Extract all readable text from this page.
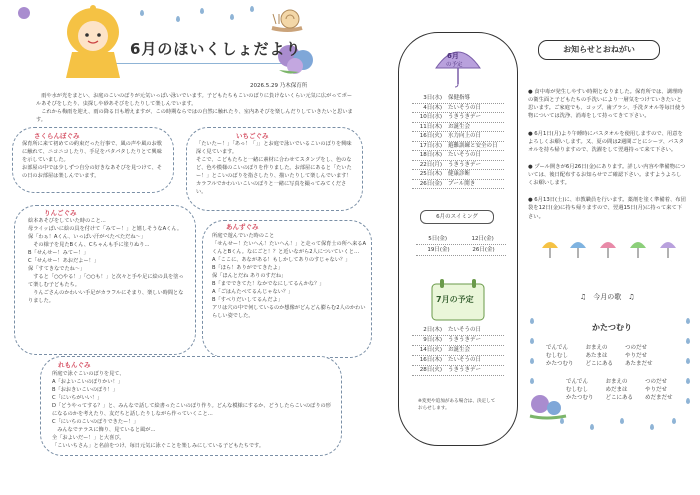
6月のほいくしょだより
2026.5.29 乃木保育所
　雨や水が光をまとい、お庭のこいのぼりが元気いっぱい泳いでいます。子どもたちもこいのぼりに負けないくらい元気に広がってボールあそびをしたり、虫探しや砂あそびをしたりして楽しんでいます。
　これから梅雨を迎え、雨の降る日も増えますが、この時期ならではの自然に触れたり、室内あそびを楽しんだりしていきたいと思います。
さくらんぼぐみ
保育所に来て初めての約束だった行事で、風の声や風のお歌に触れて、ニコニコしたり、手足をパタパタしたりとて興味を示していました。
お部屋の中では少しずつ自分の好きなあそびを見つけて、その日のお部屋は楽しんでいます。
いちごぐみ
「たいたー！」「あっ！「」」とお庭で泳いでいるこいのぼりを興味深く見ています。
そこで、こどもたちと一緒に素材に合わせてスタンプをし、色のなど、色や模様のこいのぼりを作りました。お部屋にあると「たいたー！」とこいのぼりを指さしたり、描いたりして楽しんでいます！
カラフルでかわいいこいのぼりと一緒に写真を撮ってみてください。
りんごぐみ
絵本あそびをしていた時のこと…
母ライッぱいに絵の具を付けて「みてー！」と嬉しそうなAくん。
保「わぁ！Aくん、いっぱい汗がべたべただね～」
　その様子を見たBくん、Cちゃんも手に塗りぬり…
B「せんせー！みてー！」
C「せんせー！あおだよー！」
保「すてきなでたね～」
　すると「○○やる！」「○○も！」と次々と手や足に絵の具を塗って楽しむ子どもたち。
　りんごさんのかわいい手足がカラフルにそまり、楽しい時間となりました。
あんずぐみ
所庭で遊んでいた時のこと
「せんせー！たいへん！たいへん！」と走って保育士の所へ来るAくんとBくん。なにごと！？と近いながら2人についていくと…
A「ここに、あながある！もしかしてありのすじゃない？」
B「ほら！ありがでてきたよ」
保「ほんとだね ありのすだね」
B「までできてた！なかでなにしてるんかな？」
A「ごはんたべてるんじゃない？」
B「すべりだいしてるんだよ」
アリは穴の中で何しているのか想像がどんどん膨らむ2人のかわいらしい姿でした。
れもんぐみ
所庭で泳ぐこいのぼりを見て、
A「およいこいのぼりかい！」
B「おおきいこいのぼり！」
C「にいちがいい！」
D「どうやってする？」と、みんなで話して絵書ったこいのぼり作り。どんな模様にするか、どうしたらこいのぼりの形になるのかを考えたり、友だちと話したりしながら作っていくこと…
C「にいちのこいのぼりできたー！」
　みんなでテラスに飾り、見ていると風が…
全「およいだー！」と大喜び。
「こいいちさん」と名前をつけ、毎日元気に泳ぐことを楽しみにしている子どもたちです。
6月
の予定
3日(水) 保健指導
4日(木) たいそうの日
10日(水) うきうきデー
11日(木) お誕生会
16日(火) 水力向上の日
17日(水) 避難訓練と安全の日
18日(木) たいそうの日
22日(月) うきうきデー
25日(木) 健康診断
26日(金) プール開き
6月のスイミング
5日(金)	12日(金)
19日(金)	26日(金)
7月の予定
2日(木) たいそうの日
9日(木) うきうきデー
14日(火) お誕生会
16日(木) たいそうの日
28日(火) うきうきデー
※変更や追加がある場合は、決定しておらせします。
お知らせとおねがい

● 食中毒が発生しやすい時期となりました。保育所では、調理時の衛生面と子どもたちの手洗いにより一層気をつけていきたいと思います。ご家庭でも、コップ、歯ブラシ、手洗タオル等毎日使う物については洗浄、消毒をして持ってきて下さい。

● 6月1日(月)より午睡時にバスタオルを使用しますので、用意をよろしくお願いします。又、夏の間は2週間ごとにシーツ、バスタオルを持ち帰りますので、洗濯をして翌週持って来て下さい。

● プール開きが6月26日(金)にあります。詳しい内容や準備物については、後日配布するお知らせでご確認下さい。ますようよろしくお願いします。

● 6月13日(土)に、市教職員を行います。薬剤を塗く準備着、布団袋を12日(金)に持ち帰りますので、翌週15日(月)に持って来て下さい。

♫　今月の歌　♫
かたつむり
でんでん
むしむし
かたつむり
おまえの
あたまは
どこにある
つのだせ
やりだせ
あたまだせ
でんでん
むしむし
かたつむり
おまえの
めだまは
どこにある
つのだせ
やりだせ
めだまだせ
